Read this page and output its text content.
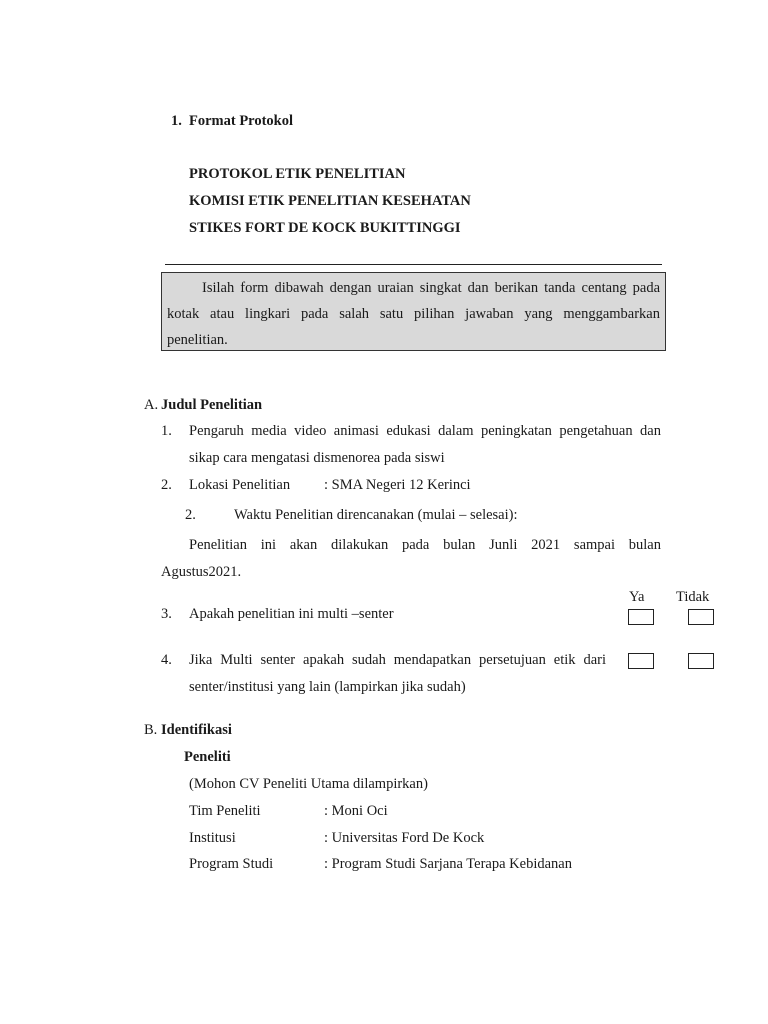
1. Format Protokol
PROTOKOL ETIK PENELITIAN
KOMISI ETIK PENELITIAN KESEHATAN
STIKES FORT DE KOCK BUKITTINGGI
Isilah form dibawah dengan uraian singkat dan berikan tanda centang pada
kotak atau lingkari pada salah satu pilihan jawaban yang menggambarkan
penelitian.
A. Judul Penelitian
1. Pengaruh media video animasi edukasi dalam peningkatan pengetahuan dan
sikap cara mengatasi dismenorea pada siswi
2. Lokasi Penelitian : SMA Negeri 12 Kerinci
2.	Waktu Penelitian direncanakan (mulai – selesai):
Penelitian ini akan dilakukan pada bulan Junli 2021 sampai bulan
Agustus2021.
Ya Tidak
3. Apakah penelitian ini multi –senter
4. Jika Multi senter apakah sudah mendapatkan persetujuan etik dari
senter/institusi yang lain (lampirkan jika sudah)
B. Identifikasi
Peneliti
(Mohon CV Peneliti Utama dilampirkan)
Tim Peneliti	: Moni Oci
Institusi	: Universitas Ford De Kock
Program Studi	: Program Studi Sarjana Terapa Kebidanan
